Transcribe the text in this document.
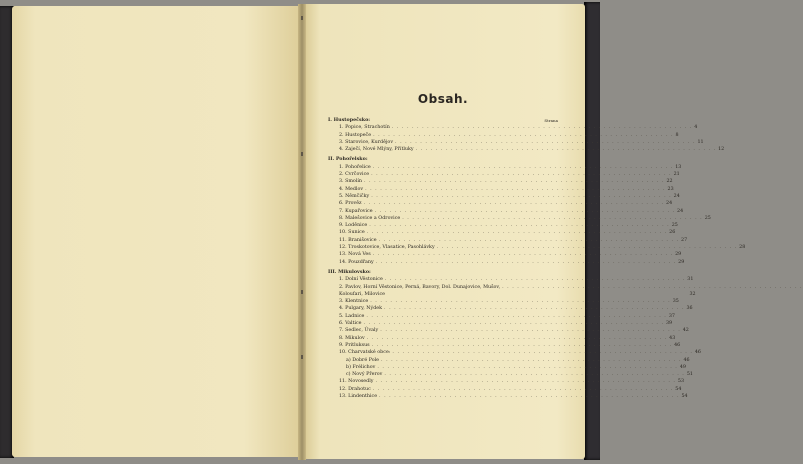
Obsah.
I. Hustopečsko:	Strana
1. Popice, Strachotín . . . . . . . . . . . . . . . . . . . . . . . . . . . . . . . . . . . . . . . . . . . . . . . . . . . . . . . . . . . . 4
2. Hustopeče . . . . . . . . . . . . . . . . . . . . . . . . . . . . . . . . . . . . . . . . . . . . . . . . . . . . . . . . . . . . 8
3. Starovice, Kurdějov . . . . . . . . . . . . . . . . . . . . . . . . . . . . . . . . . . . . . . . . . . . . . . . . . . . . . . . . . . . . 11
4. Zaječí, Nové Mlýny, Přítluky . . . . . . . . . . . . . . . . . . . . . . . . . . . . . . . . . . . . . . . . . . . . . . . . . . . . . . . . . . . . 12
II. Pohořelsko:
1. Pohořelice . . . . . . . . . . . . . . . . . . . . . . . . . . . . . . . . . . . . . . . . . . . . . . . . . . . . . . . . . . . . 13
2. Cvrčovice . . . . . . . . . . . . . . . . . . . . . . . . . . . . . . . . . . . . . . . . . . . . . . . . . . . . . . . . . . . . 21
3. Smolín . . . . . . . . . . . . . . . . . . . . . . . . . . . . . . . . . . . . . . . . . . . . . . . . . . . . . . . . . . . . 22
4. Medlov . . . . . . . . . . . . . . . . . . . . . . . . . . . . . . . . . . . . . . . . . . . . . . . . . . . . . . . . . . . . 23
5. Němčičky . . . . . . . . . . . . . . . . . . . . . . . . . . . . . . . . . . . . . . . . . . . . . . . . . . . . . . . . . . . . 24
6. Prověz . . . . . . . . . . . . . . . . . . . . . . . . . . . . . . . . . . . . . . . . . . . . . . . . . . . . . . . . . . . . 24
7. Kupařovice . . . . . . . . . . . . . . . . . . . . . . . . . . . . . . . . . . . . . . . . . . . . . . . . . . . . . . . . . . . . 24
8. Malešovice a Odrovice . . . . . . . . . . . . . . . . . . . . . . . . . . . . . . . . . . . . . . . . . . . . . . . . . . . . . . . . . . . . 25
9. Loděnice . . . . . . . . . . . . . . . . . . . . . . . . . . . . . . . . . . . . . . . . . . . . . . . . . . . . . . . . . . . . 25
10. Sunice . . . . . . . . . . . . . . . . . . . . . . . . . . . . . . . . . . . . . . . . . . . . . . . . . . . . . . . . . . . . 26
11. Branišovice . . . . . . . . . . . . . . . . . . . . . . . . . . . . . . . . . . . . . . . . . . . . . . . . . . . . . . . . . . . . 27
12. Troskotovice, Vlasatice, Pasohlávky . . . . . . . . . . . . . . . . . . . . . . . . . . . . . . . . . . . . . . . . . . . . . . . . . . . . . . . . . . . . 28
13. Nová Ves . . . . . . . . . . . . . . . . . . . . . . . . . . . . . . . . . . . . . . . . . . . . . . . . . . . . . . . . . . . . 29
14. Pouzdřany . . . . . . . . . . . . . . . . . . . . . . . . . . . . . . . . . . . . . . . . . . . . . . . . . . . . . . . . . . . . 29
III. Mikulovsko:
1. Dolní Věstonice . . . . . . . . . . . . . . . . . . . . . . . . . . . . . . . . . . . . . . . . . . . . . . . . . . . . . . . . . . . . 31
2. Pavlov, Horní Věstonice, Perná, Bavory, Dol. Dunajovice, Mušov, . . . . . . . . . . . . . . . . . . . . . . . . . . . . . . . . . . . . . . . . . . . . . . . . . . . . . . . . . . . .
Koloufari, Milovice	32
3. Klentnice . . . . . . . . . . . . . . . . . . . . . . . . . . . . . . . . . . . . . . . . . . . . . . . . . . . . . . . . . . . . 35
4. Pulgary, Nýdek . . . . . . . . . . . . . . . . . . . . . . . . . . . . . . . . . . . . . . . . . . . . . . . . . . . . . . . . . . . . 36
5. Ladnice . . . . . . . . . . . . . . . . . . . . . . . . . . . . . . . . . . . . . . . . . . . . . . . . . . . . . . . . . . . . 37
6. Valtice . . . . . . . . . . . . . . . . . . . . . . . . . . . . . . . . . . . . . . . . . . . . . . . . . . . . . . . . . . . . 39
7. Sedlec, Úvaly . . . . . . . . . . . . . . . . . . . . . . . . . . . . . . . . . . . . . . . . . . . . . . . . . . . . . . . . . . . . 42
8. Mikulov . . . . . . . . . . . . . . . . . . . . . . . . . . . . . . . . . . . . . . . . . . . . . . . . . . . . . . . . . . . . 43
9. Pritluksus . . . . . . . . . . . . . . . . . . . . . . . . . . . . . . . . . . . . . . . . . . . . . . . . . . . . . . . . . . . . 46
10. Charvatské obce: . . . . . . . . . . . . . . . . . . . . . . . . . . . . . . . . . . . . . . . . . . . . . . . . . . . . . . . . . . . . 46
a) Dobré Pole . . . . . . . . . . . . . . . . . . . . . . . . . . . . . . . . . . . . . . . . . . . . . . . . . . . . . . . . . . . . 46
b) Frélichov . . . . . . . . . . . . . . . . . . . . . . . . . . . . . . . . . . . . . . . . . . . . . . . . . . . . . . . . . . . . 49
c) Nový Přerov . . . . . . . . . . . . . . . . . . . . . . . . . . . . . . . . . . . . . . . . . . . . . . . . . . . . . . . . . . . . 51
11. Novosedly . . . . . . . . . . . . . . . . . . . . . . . . . . . . . . . . . . . . . . . . . . . . . . . . . . . . . . . . . . . . 53
12. Drahotuc . . . . . . . . . . . . . . . . . . . . . . . . . . . . . . . . . . . . . . . . . . . . . . . . . . . . . . . . . . . . 54
13. Lindenthice . . . . . . . . . . . . . . . . . . . . . . . . . . . . . . . . . . . . . . . . . . . . . . . . . . . . . . . . . . . . 54
